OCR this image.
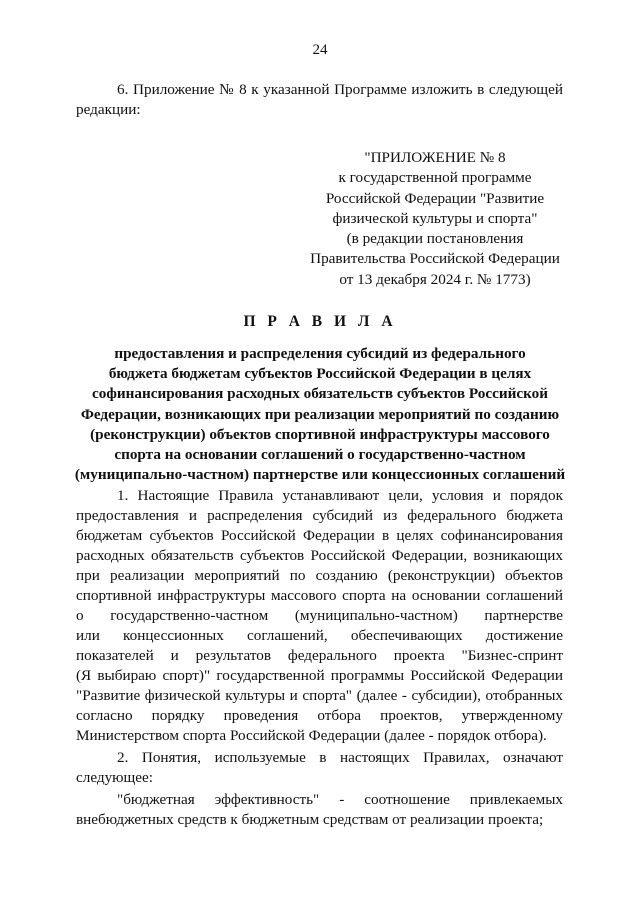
24
6. Приложение № 8 к указанной Программе изложить в следующей
редакции:
"ПРИЛОЖЕНИЕ № 8
к государственной программе
Российской Федерации "Развитие
физической культуры и спорта"
(в редакции постановления
Правительства Российской Федерации
от 13 декабря 2024 г. № 1773)
П Р А В И Л А
предоставления и распределения субсидий из федерального
бюджета бюджетам субъектов Российской Федерации в целях
софинансирования расходных обязательств субъектов Российской
Федерации, возникающих при реализации мероприятий по созданию
(реконструкции) объектов спортивной инфраструктуры массового
спорта на основании соглашений о государственно-частном
(муниципально-частном) партнерстве или концессионных соглашений
1. Настоящие Правила устанавливают цели, условия и порядок
предоставления и распределения субсидий из федерального бюджета
бюджетам субъектов Российской Федерации в целях софинансирования
расходных обязательств субъектов Российской Федерации, возникающих
при реализации мероприятий по созданию (реконструкции) объектов
спортивной инфраструктуры массового спорта на основании соглашений
о государственно-частном (муниципально-частном) партнерстве
или концессионных соглашений, обеспечивающих достижение
показателей и результатов федерального проекта "Бизнес-спринт
(Я выбираю спорт)" государственной программы Российской Федерации
"Развитие физической культуры и спорта" (далее - субсидии), отобранных
согласно порядку проведения отбора проектов, утвержденному
Министерством спорта Российской Федерации (далее - порядок отбора).
2. Понятия, используемые в настоящих Правилах, означают
следующее:
"бюджетная эффективность" - соотношение привлекаемых
внебюджетных средств к бюджетным средствам от реализации проекта;
